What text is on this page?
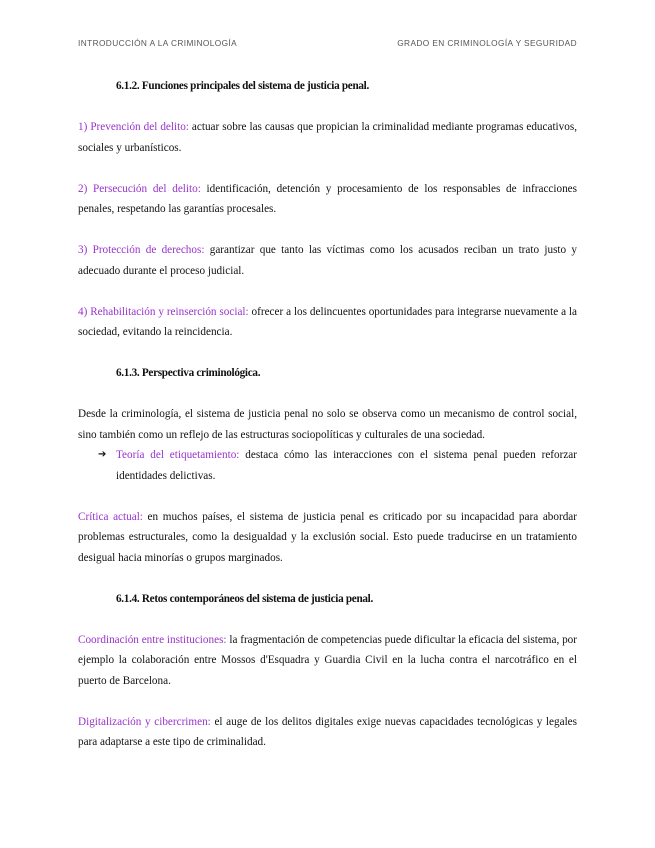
INTRODUCCIÓN A LA CRIMINOLOGÍA	GRADO EN CRIMINOLOGÍA Y SEGURIDAD
6.1.2. Funciones principales del sistema de justicia penal.

1) Prevención del delito: actuar sobre las causas que propician la criminalidad mediante programas educativos, sociales y urbanísticos.

2) Persecución del delito: identificación, detención y procesamiento de los responsables de infracciones penales, respetando las garantías procesales.

3) Protección de derechos: garantizar que tanto las víctimas como los acusados reciban un trato justo y adecuado durante el proceso judicial.

4) Rehabilitación y reinserción social: ofrecer a los delincuentes oportunidades para integrarse nuevamente a la sociedad, evitando la reincidencia.

6.1.3. Perspectiva criminológica.

Desde la criminología, el sistema de justicia penal no solo se observa como un mecanismo de control social, sino también como un reflejo de las estructuras sociopolíticas y culturales de una sociedad.

➔ Teoría del etiquetamiento: destaca cómo las interacciones con el sistema penal pueden reforzar identidades delictivas.

Crítica actual: en muchos países, el sistema de justicia penal es criticado por su incapacidad para abordar problemas estructurales, como la desigualdad y la exclusión social. Esto puede traducirse en un tratamiento desigual hacia minorías o grupos marginados.

6.1.4. Retos contemporáneos del sistema de justicia penal.

Coordinación entre instituciones: la fragmentación de competencias puede dificultar la eficacia del sistema, por ejemplo la colaboración entre Mossos d'Esquadra y Guardia Civil en la lucha contra el narcotráfico en el puerto de Barcelona.

Digitalización y cibercrimen: el auge de los delitos digitales exige nuevas capacidades tecnológicas y legales para adaptarse a este tipo de criminalidad.
